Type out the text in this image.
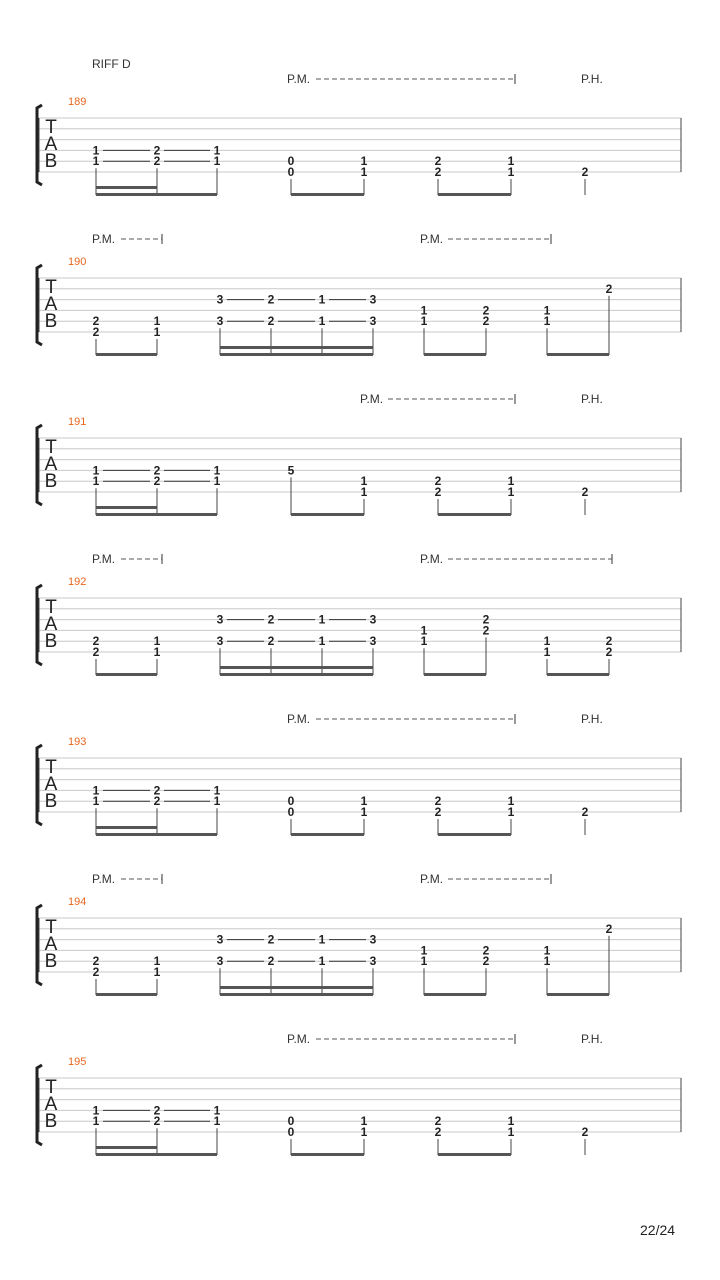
RIFF D
P.M.	P.H.
189
T
A
B
1
1
2
2
1
1	0
0
1
1
2
2
1
1	2
P.M.	P.M.
190
T
A
B	2
2
1
1
3
3
2
2
1
1
3
3
1
1
2
2
1
1
2
P.M.	P.H.
191
T
A
B
1
1
2
2
1
1
5
1
1
2
2
1
1	2
P.M.	P.M.
192
T
A
B	2
2
1
1
3
3
2
2
1
1
3
3
1
1
2
2
1
1
2
2
P.M.	P.H.
193
T
A
B
1
1
2
2
1
1	0
0
1
1
2
2
1
1	2
P.M.	P.M.
194
T
A
B	2
2
1
1
3
3
2
2
1
1
3
3
1
1
2
2
1
1
2
P.M.	P.H.
195
T
A
B
1
1
2
2
1
1	0
0
1
1
2
2
1
1	2
22/24
